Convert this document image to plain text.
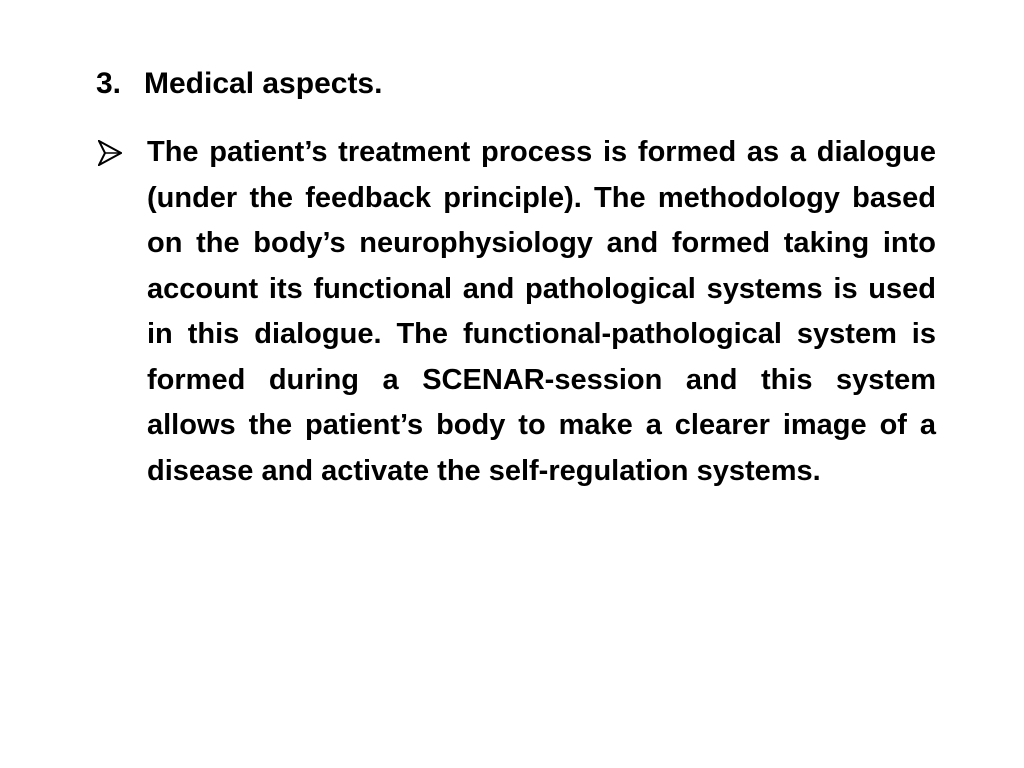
3. Medical aspects.
The patient’s treatment process is formed as a dialogue (under the feedback principle). The methodology based on the body’s neurophysiology and formed taking into account its functional and pathological systems is used in this dialogue. The functional-pathological system is formed during a SCENAR-session and this system allows the patient’s body to make a clearer image of a disease and activate the self-regulation systems.
